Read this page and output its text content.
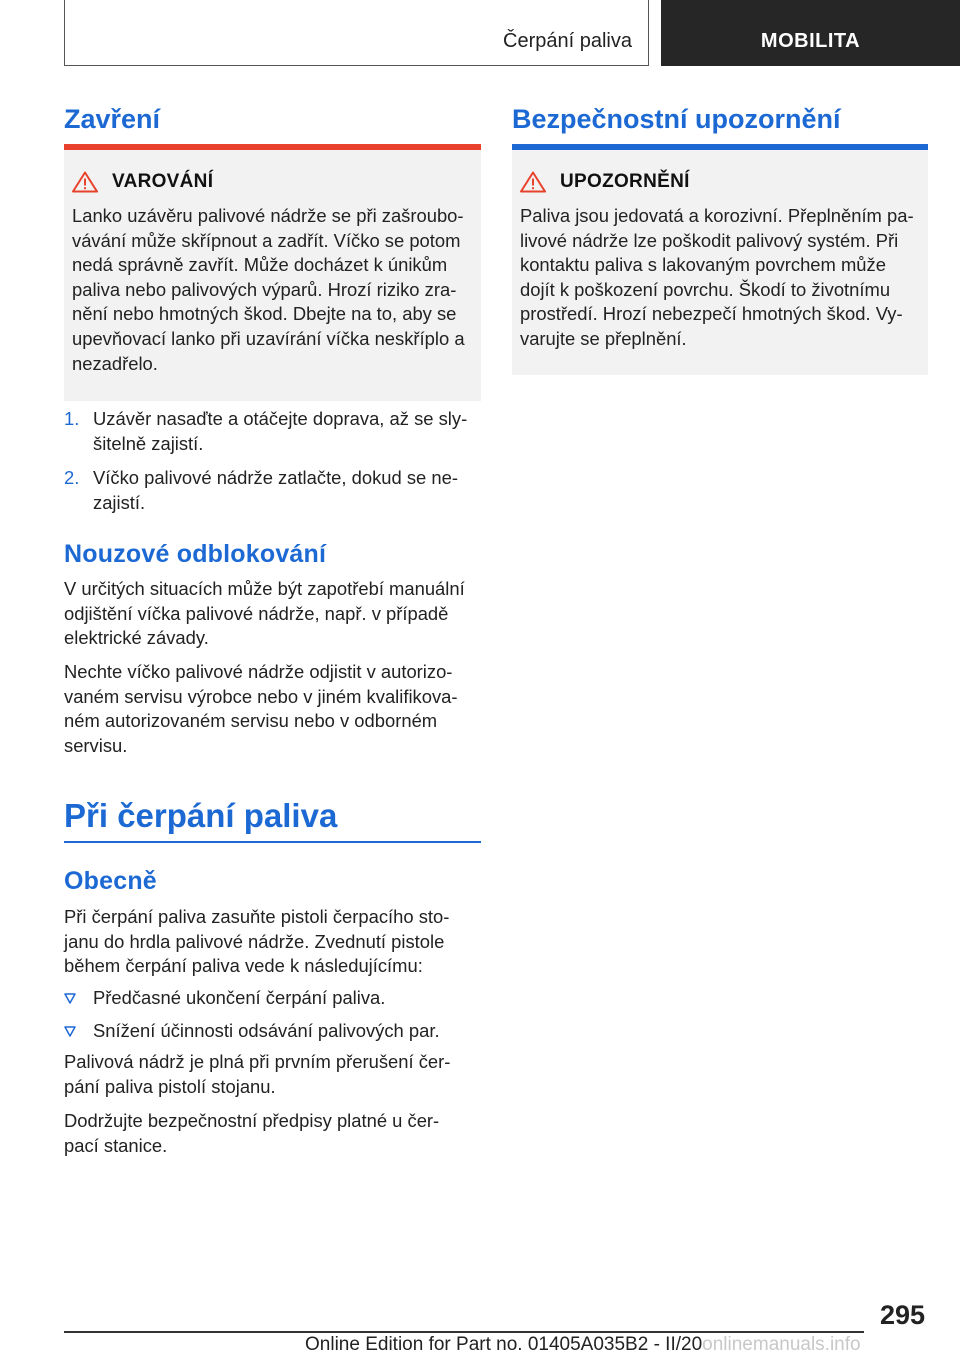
Čerpání paliva	MOBILITA
Zavření
VAROVÁNÍ
Lanko uzávěru palivové nádrže se při zašroubo-
vávání může skřípnout a zadřít. Víčko se potom
nedá správně zavřít. Může docházet k únikům
paliva nebo palivových výparů. Hrozí riziko zra-
nění nebo hmotných škod. Dbejte na to, aby se
upevňovací lanko při uzavírání víčka neskříplo a
nezadřelo.
1. Uzávěr nasaďte a otáčejte doprava, až se sly-
šitelně zajistí.
2. Víčko palivové nádrže zatlačte, dokud se ne-
zajistí.
Nouzové odblokování
V určitých situacích může být zapotřebí manuální
odjištění víčka palivové nádrže, např. v případě
elektrické závady.
Nechte víčko palivové nádrže odjistit v autorizo-
vaném servisu výrobce nebo v jiném kvalifikova-
ném autorizovaném servisu nebo v odborném
servisu.
Při čerpání paliva
Obecně
Při čerpání paliva zasuňte pistoli čerpacího sto-
janu do hrdla palivové nádrže. Zvednutí pistole
během čerpání paliva vede k následujícímu:
Předčasné ukončení čerpání paliva.
Snížení účinnosti odsávání palivových par.
Palivová nádrž je plná při prvním přerušení čer-
pání paliva pistolí stojanu.
Dodržujte bezpečnostní předpisy platné u čer-
pací stanice.
Bezpečnostní upozornění
UPOZORNĚNÍ
Paliva jsou jedovatá a korozivní. Přeplněním pa-
livové nádrže lze poškodit palivový systém. Při
kontaktu paliva s lakovaným povrchem může
dojít k poškození povrchu. Škodí to životnímu
prostředí. Hrozí nebezpečí hmotných škod. Vy-
varujte se přeplnění.
295
Online Edition for Part no. 01405A035B2 - II/20onlinemanuals.info
